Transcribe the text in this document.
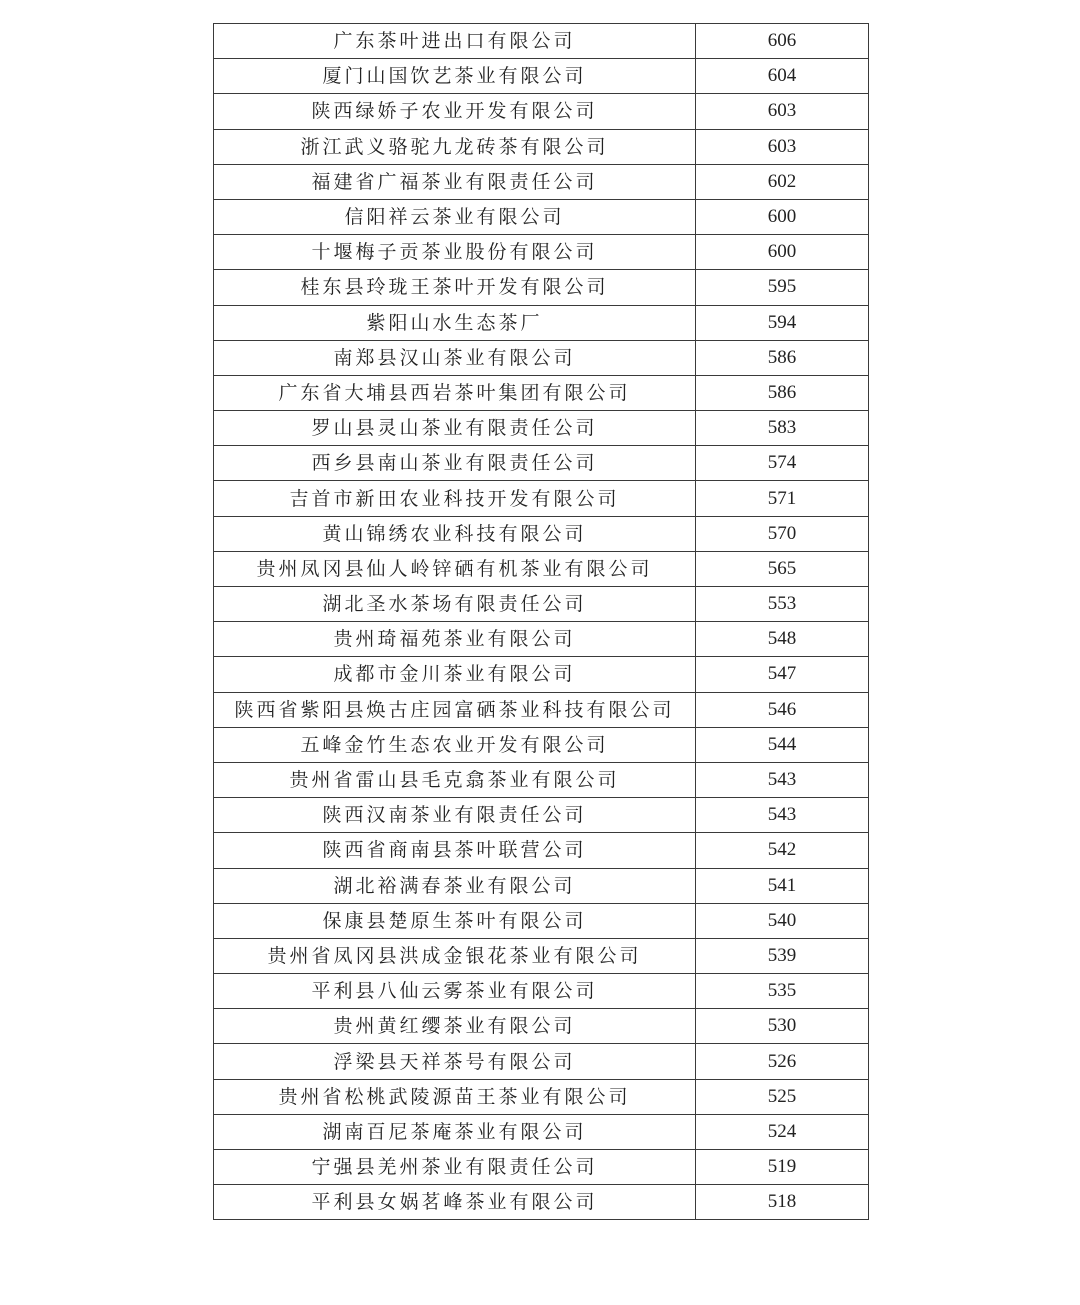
广东茶叶进出口有限公司	606
厦门山国饮艺茶业有限公司	604
陕西绿娇子农业开发有限公司	603
浙江武义骆驼九龙砖茶有限公司	603
福建省广福茶业有限责任公司	602
信阳祥云茶业有限公司	600
十堰梅子贡茶业股份有限公司	600
桂东县玲珑王茶叶开发有限公司	595
紫阳山水生态茶厂	594
南郑县汉山茶业有限公司	586
广东省大埔县西岩茶叶集团有限公司	586
罗山县灵山茶业有限责任公司	583
西乡县南山茶业有限责任公司	574
吉首市新田农业科技开发有限公司	571
黄山锦绣农业科技有限公司	570
贵州凤冈县仙人岭锌硒有机茶业有限公司	565
湖北圣水茶场有限责任公司	553
贵州琦福苑茶业有限公司	548
成都市金川茶业有限公司	547
陕西省紫阳县焕古庄园富硒茶业科技有限公司	546
五峰金竹生态农业开发有限公司	544
贵州省雷山县毛克翕茶业有限公司	543
陕西汉南茶业有限责任公司	543
陕西省商南县茶叶联营公司	542
湖北裕满春茶业有限公司	541
保康县楚原生茶叶有限公司	540
贵州省凤冈县洪成金银花茶业有限公司	539
平利县八仙云雾茶业有限公司	535
贵州黄红缨茶业有限公司	530
浮梁县天祥茶号有限公司	526
贵州省松桃武陵源苗王茶业有限公司	525
湖南百尼茶庵茶业有限公司	524
宁强县羌州茶业有限责任公司	519
平利县女娲茗峰茶业有限公司	518
